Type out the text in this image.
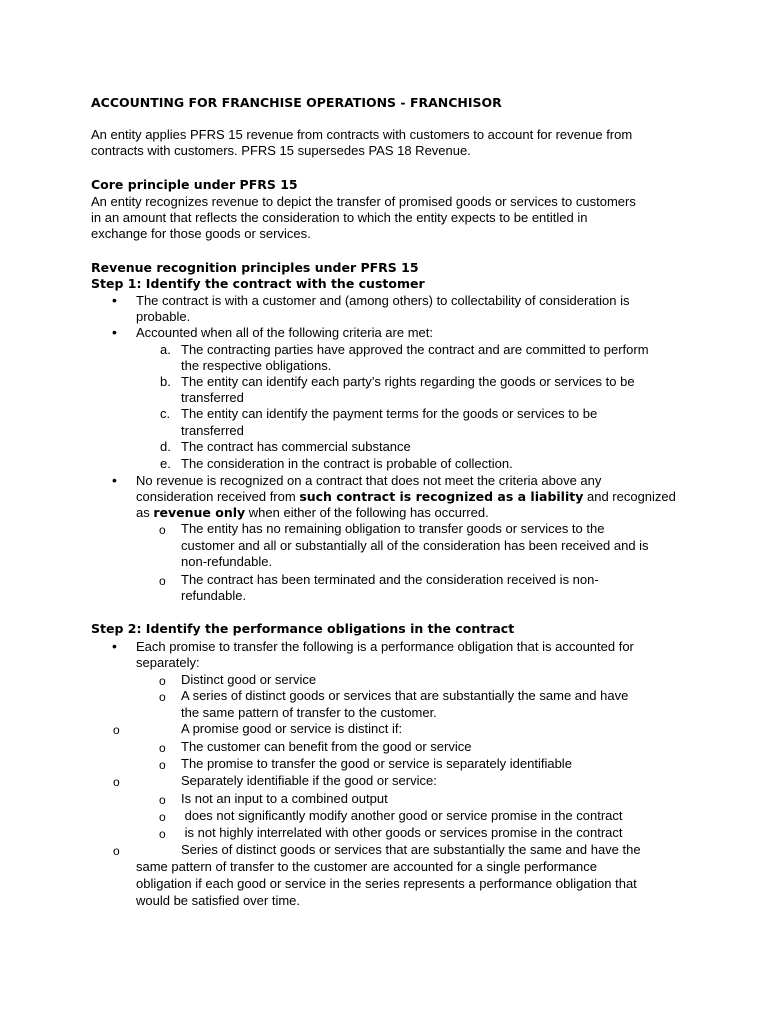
ACCOUNTING FOR FRANCHISE OPERATIONS - FRANCHISOR
An entity applies PFRS 15 revenue from contracts with customers to account for revenue from
contracts with customers. PFRS 15 supersedes PAS 18 Revenue.
Core principle under PFRS 15
An entity recognizes revenue to depict the transfer of promised goods or services to customers
in an amount that reflects the consideration to which the entity expects to be entitled in
exchange for those goods or services.
Revenue recognition principles under PFRS 15
Step 1: Identify the contract with the customer
• The contract is with a customer and (among others) to collectability of consideration is
probable.
• Accounted when all of the following criteria are met:
a. The contracting parties have approved the contract and are committed to perform
the respective obligations.
b. The entity can identify each party’s rights regarding the goods or services to be
transferred
c. The entity can identify the payment terms for the goods or services to be
transferred
d. The contract has commercial substance
e. The consideration in the contract is probable of collection.
• No revenue is recognized on a contract that does not meet the criteria above any
consideration received from such contract is recognized as a liability and recognized
as revenue only when either of the following has occurred.
o The entity has no remaining obligation to transfer goods or services to the
customer and all or substantially all of the consideration has been received and is
non-refundable.
o The contract has been terminated and the consideration received is non-
refundable.
Step 2: Identify the performance obligations in the contract
• Each promise to transfer the following is a performance obligation that is accounted for
separately:
o Distinct good or service
o A series of distinct goods or services that are substantially the same and have
the same pattern of transfer to the customer.
o	A promise good or service is distinct if:
o The customer can benefit from the good or service
o The promise to transfer the good or service is separately identifiable
o	Separately identifiable if the good or service:
o Is not an input to a combined output
o does not significantly modify another good or service promise in the contract
o is not highly interrelated with other goods or services promise in the contract
o	Series of distinct goods or services that are substantially the same and have the
same pattern of transfer to the customer are accounted for a single performance
obligation if each good or service in the series represents a performance obligation that
would be satisfied over time.
